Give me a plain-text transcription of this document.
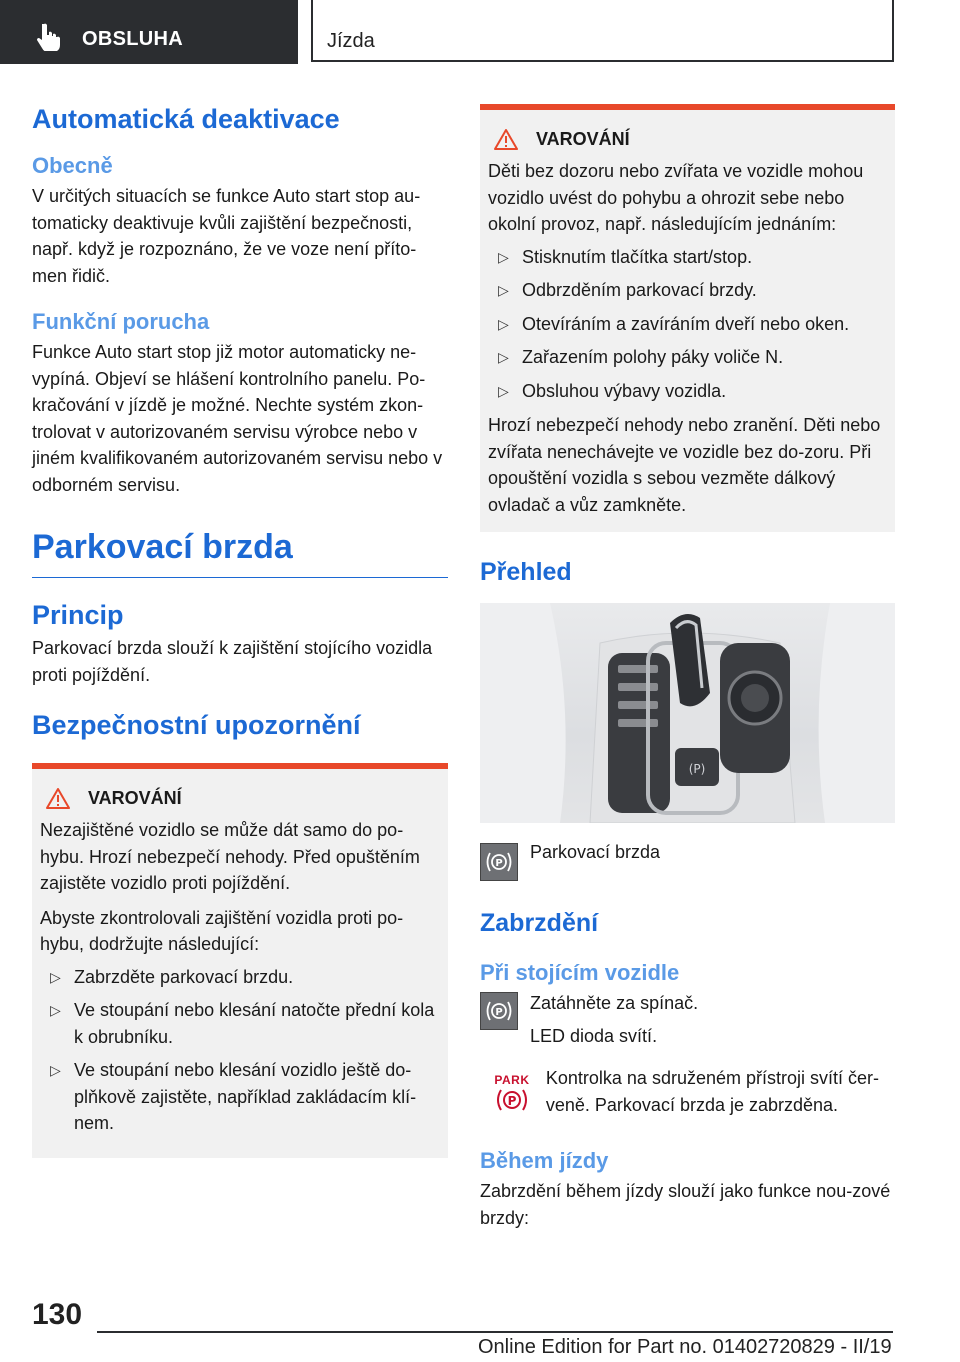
OBSLUHA	Jízda
Automatická deaktivace
Obecně

V určitých situacích se funkce Auto start stop au‐tomaticky deaktivuje kvůli zajištění bezpečnosti, např. když je rozpoznáno, že ve voze není příto‐men řidič.

Funkční porucha

Funkce Auto start stop již motor automaticky ne‐vypíná. Objeví se hlášení kontrolního panelu. Po‐kračování v jízdě je možné. Nechte systém zkon‐trolovat v autorizovaném servisu výrobce nebo v jiném kvalifikovaném autorizovaném servisu nebo v odborném servisu.

Parkovací brzda
Princip

Parkovací brzda slouží k zajištění stojícího vozidla proti pojíždění.

Bezpečnostní upozornění
VAROVÁNÍ

Nezajištěné vozidlo se může dát samo do po‐hybu. Hrozí nebezpečí nehody. Před opuštěním zajistěte vozidlo proti pojíždění.

Abyste zkontrolovali zajištění vozidla proti po‐hybu, dodržujte následující:

▷ Zabrzděte parkovací brzdu.
▷ Ve stoupání nebo klesání natočte přední kola k obrubníku.
▷ Ve stoupání nebo klesání vozidlo ještě do‐plňkově zajistěte, například zakládacím klí‐nem.
VAROVÁNÍ

Děti bez dozoru nebo zvířata ve vozidle mohou vozidlo uvést do pohybu a ohrozit sebe nebo okolní provoz, např. následujícím jednáním:

▷ Stisknutím tlačítka start/stop.
▷ Odbrzděním parkovací brzdy.
▷ Otevíráním a zavíráním dveří nebo oken.
▷ Zařazením polohy páky voliče N.
▷ Obsluhou výbavy vozidla.

Hrozí nebezpečí nehody nebo zranění. Děti nebo zvířata nenechávejte ve vozidle bez do‐zoru. Při opouštění vozidla s sebou vezměte dálkový ovladač a vůz zamkněte.

Přehled
(P)
P

Parkovací brzda

Zabrzdění
Při stojícím vozidle
P Zatáhněte za spínač.

LED dioda svítí.

PARK
P

Kontrolka na sdruženém přístroji svítí čer‐veně. Parkovací brzda je zabrzděna.

Během jízdy

Zabrzdění během jízdy slouží jako funkce nou‐zové brzdy:

130
Online Edition for Part no. 01402720829 - II/19
